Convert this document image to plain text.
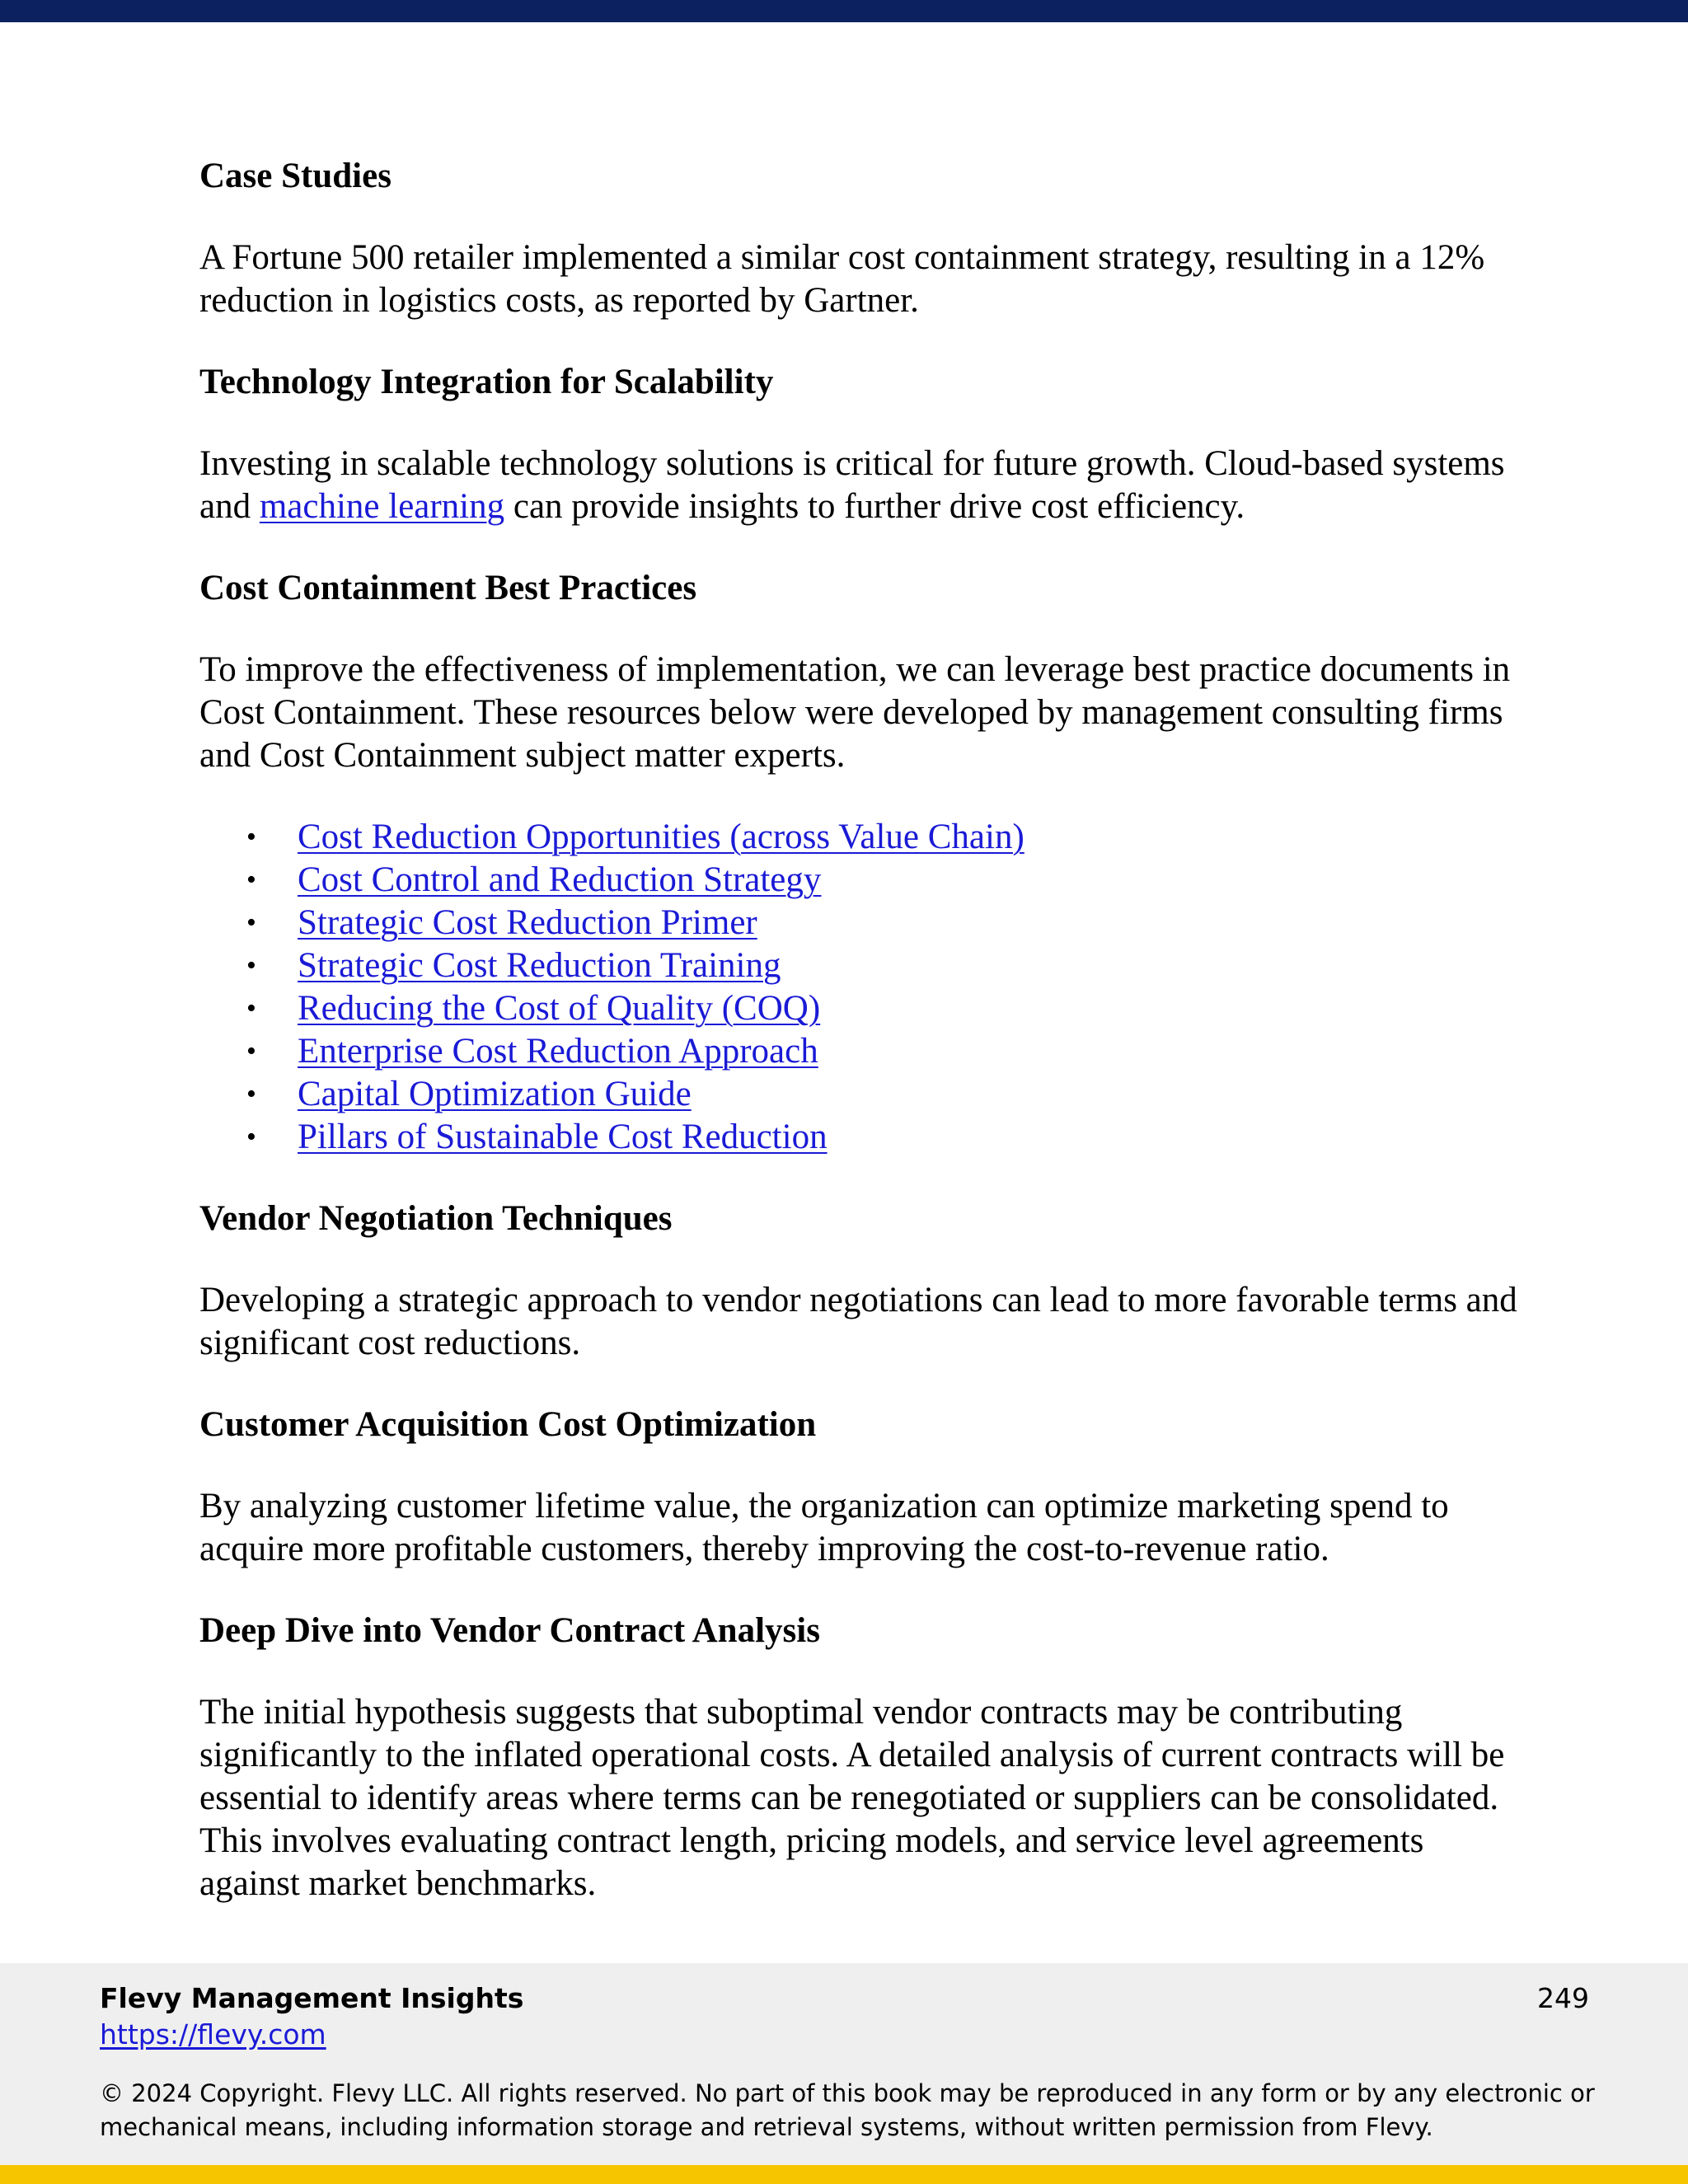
Case Studies
A Fortune 500 retailer implemented a similar cost containment strategy, resulting in a 12% reduction in logistics costs, as reported by Gartner.
Technology Integration for Scalability
Investing in scalable technology solutions is critical for future growth. Cloud-based systems and machine learning can provide insights to further drive cost efficiency.
Cost Containment Best Practices
To improve the effectiveness of implementation, we can leverage best practice documents in Cost Containment. These resources below were developed by management consulting firms and Cost Containment subject matter experts.
• Cost Reduction Opportunities (across Value Chain)
• Cost Control and Reduction Strategy
• Strategic Cost Reduction Primer
• Strategic Cost Reduction Training
• Reducing the Cost of Quality (COQ)
• Enterprise Cost Reduction Approach
• Capital Optimization Guide
• Pillars of Sustainable Cost Reduction
Vendor Negotiation Techniques
Developing a strategic approach to vendor negotiations can lead to more favorable terms and significant cost reductions.
Customer Acquisition Cost Optimization
By analyzing customer lifetime value, the organization can optimize marketing spend to acquire more profitable customers, thereby improving the cost-to-revenue ratio.
Deep Dive into Vendor Contract Analysis
The initial hypothesis suggests that suboptimal vendor contracts may be contributing significantly to the inflated operational costs. A detailed analysis of current contracts will be essential to identify areas where terms can be renegotiated or suppliers can be consolidated. This involves evaluating contract length, pricing models, and service level agreements against market benchmarks.
Flevy Management Insights
https://flevy.com
249
© 2024 Copyright. Flevy LLC. All rights reserved. No part of this book may be reproduced in any form or by any electronic or mechanical means, including information storage and retrieval systems, without written permission from Flevy.
